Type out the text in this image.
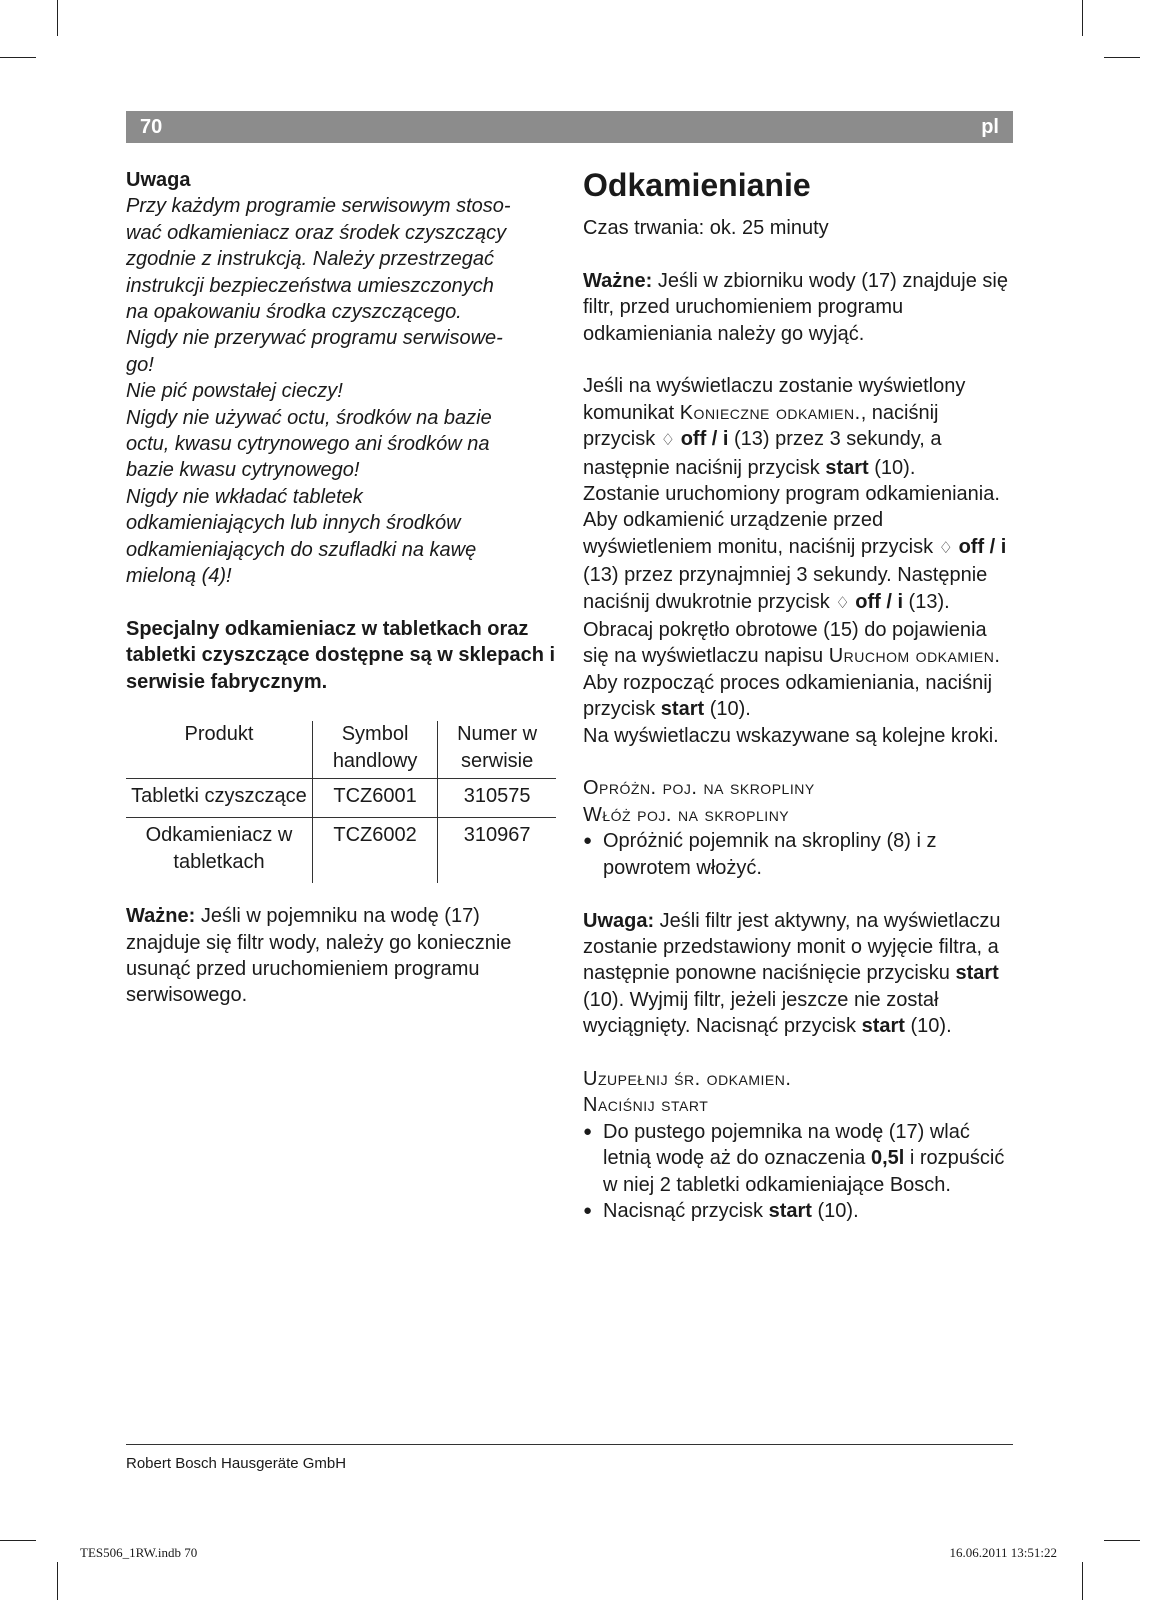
70	pl

Uwaga

Przy każdym programie serwisowym stoso-
wać odkamieniacz oraz środek czyszczący
zgodnie z instrukcją. Należy przestrzegać
instrukcji bezpieczeństwa umieszczonych
na opakowaniu środka czyszczącego.
Nigdy nie przerywać programu serwisowe-
go!
Nie pić powstałej cieczy!
Nigdy nie używać octu, środków na bazie
octu, kwasu cytrynowego ani środków na
bazie kwasu cytrynowego!
Nigdy nie wkładać tabletek
odkamieniających lub innych środków
odkamieniających do szufladki na kawę
mieloną (4)!

Specjalny odkamieniacz w tabletkach oraz tabletki czyszczące dostępne są w sklepach i serwisie fabrycznym.

Produkt	Symbol handlowy	Numer w serwisie
Tabletki czyszczące	TCZ6001	310575
Odkamieniacz w tabletkach	TCZ6002	310967

Ważne: Jeśli w pojemniku na wodę (17) znajduje się filtr wody, należy go koniecznie usunąć przed uruchomieniem programu serwisowego.

Odkamienianie

Czas trwania: ok. 25 minuty

Ważne: Jeśli w zbiorniku wody (17) znajduje się filtr, przed uruchomieniem programu odkamieniania należy go wyjąć.

Jeśli na wyświetlaczu zostanie wyświetlony komunikat Konieczne odkamien., naciśnij przycisk ♢ off / i (13) przez 3 sekundy, a następnie naciśnij przycisk start (10).

Zostanie uruchomiony program odkamieniania.

Aby odkamienić urządzenie przed wyświetleniem monitu, naciśnij przycisk ♢ off / i (13) przez przynajmniej 3 sekundy. Następnie naciśnij dwukrotnie przycisk ♢ off / i (13). Obracaj pokrętło obrotowe (15) do pojawienia się na wyświetlaczu napisu Uruchom odkamien. Aby rozpocząć proces odkamieniania, naciśnij przycisk start (10).

Na wyświetlaczu wskazywane są kolejne kroki.

Opróżn. poj. na skropliny

Włóż poj. na skropliny

● Opróżnić pojemnik na skropliny (8) i z powrotem włożyć.

Uwaga: Jeśli filtr jest aktywny, na wyświetlaczu zostanie przedstawiony monit o wyjęcie filtra, a następnie ponowne naciśnięcie przycisku start (10). Wyjmij filtr, jeżeli jeszcze nie został wyciągnięty. Nacisnąć przycisk start (10).

Uzupełnij śr. odkamien.

Naciśnij start

● Do pustego pojemnika na wodę (17) wlać letnią wodę aż do oznaczenia 0,5l i rozpuścić w niej 2 tabletki odkamieniające Bosch.
● Nacisnąć przycisk start (10).
Robert Bosch Hausgeräte GmbH
TES506_1RW.indb 70	16.06.2011 13:51:22
